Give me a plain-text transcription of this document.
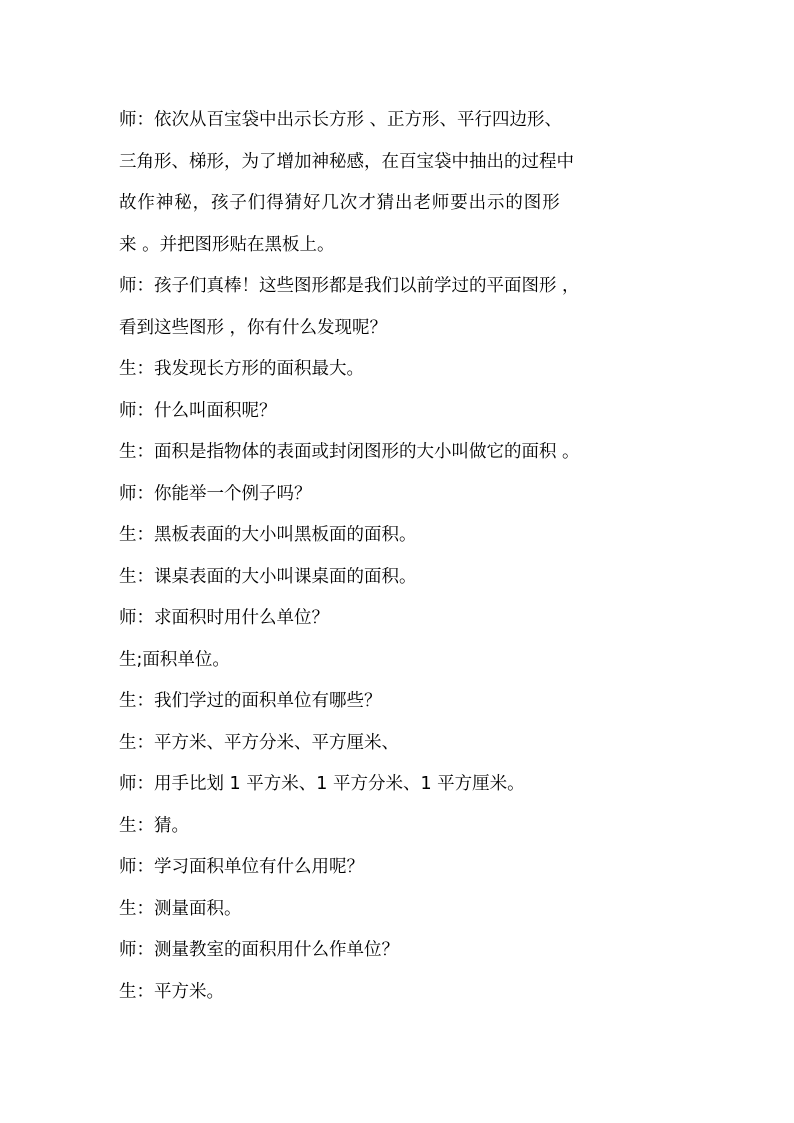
师：依次从百宝袋中出示长方形 、正方形、平行四边形、

三角形、梯形，为了增加神秘感，在百宝袋中抽出的过程中

故作神秘，孩子们得猜好几次才猜出老师要出示的图形

来 。并把图形贴在黑板上。

师：孩子们真棒！这些图形都是我们以前学过的平面图形 ，

看到这些图形 ，你有什么发现呢？

生：我发现长方形的面积最大。

师：什么叫面积呢？

生：面积是指物体的表面或封闭图形的大小叫做它的面积 。

师：你能举一个例子吗？

生：黑板表面的大小叫黑板面的面积。

生：课桌表面的大小叫课桌面的面积。

师：求面积时用什么单位？

生;面积单位。

生：我们学过的面积单位有哪些？

生：平方米、平方分米、平方厘米、

师：用手比划 1 平方米、1 平方分米、1 平方厘米。

生：猜。

师：学习面积单位有什么用呢？

生：测量面积。

师：测量教室的面积用什么作单位？

生：平方米。
